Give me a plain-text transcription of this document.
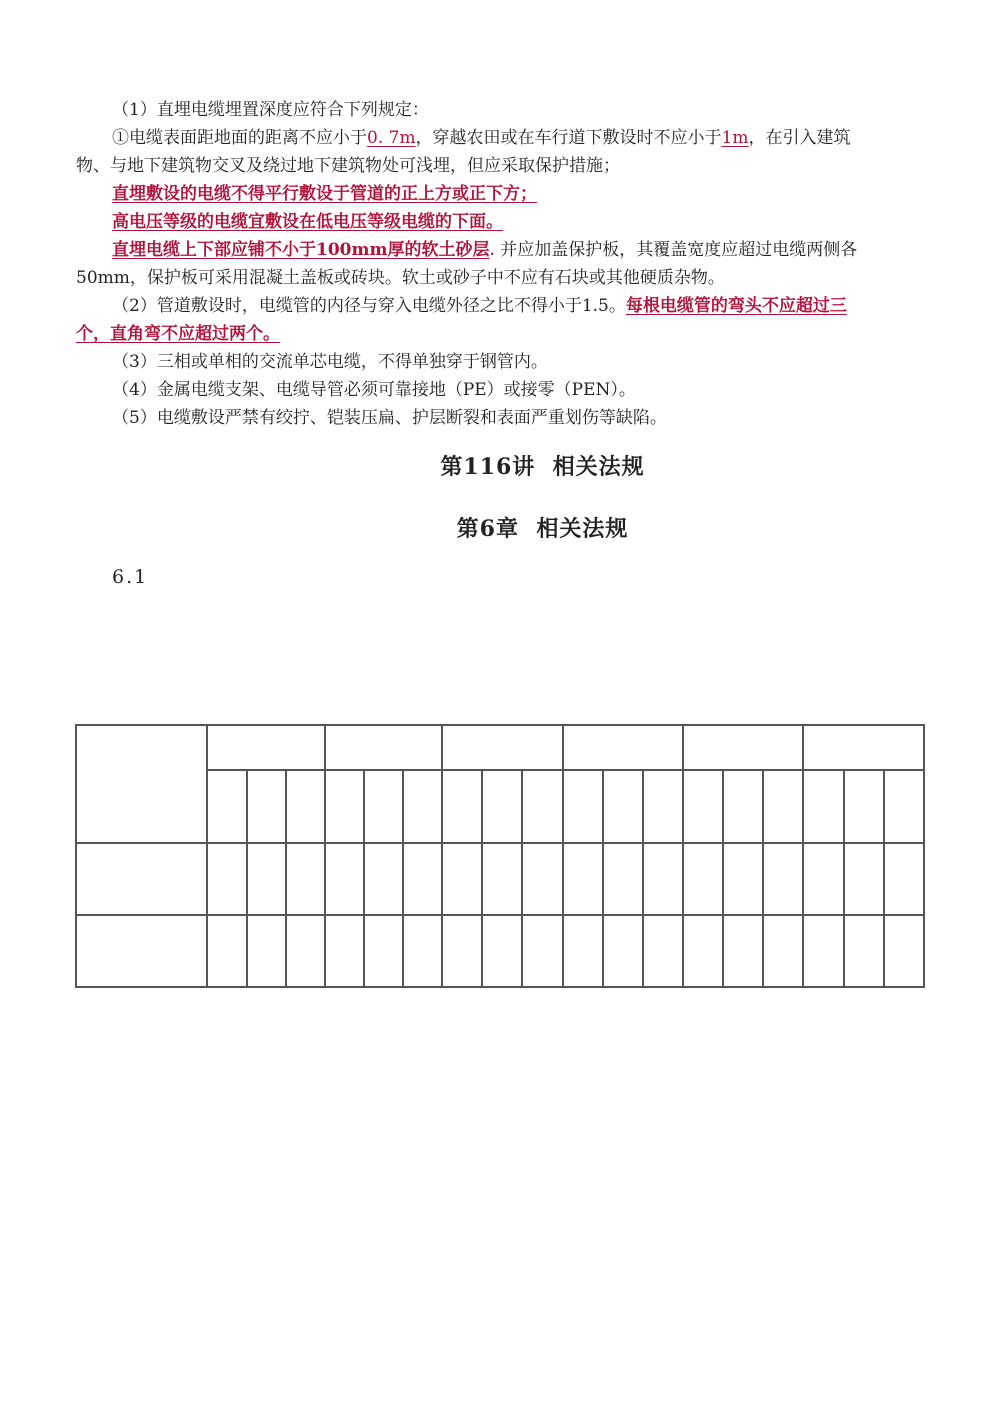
（1）直埋电缆埋置深度应符合下列规定：
①电缆表面距地面的距离不应小于0. 7m，穿越农田或在车行道下敷设时不应小于1m，在引入建筑
物、与地下建筑物交叉及绕过地下建筑物处可浅埋，但应采取保护措施；
直埋敷设的电缆不得平行敷设于管道的正上方或正下方；
高电压等级的电缆宜敷设在低电压等级电缆的下面。
直埋电缆上下部应铺不小于100mm厚的软土砂层. 并应加盖保护板，其覆盖宽度应超过电缆两侧各
50mm，保护板可采用混凝土盖板或砖块。软土或砂子中不应有石块或其他硬质杂物。
（2）管道敷设时，电缆管的内径与穿入电缆外径之比不得小于1.5。每根电缆管的弯头不应超过三
个，直角弯不应超过两个。
（3）三相或单相的交流单芯电缆，不得单独穿于钢管内。
（4）金属电缆支架、电缆导管必须可靠接地（PE）或接零（PEN）。
（5）电缆敷设严禁有绞拧、铠装压扁、护层断裂和表面严重划伤等缺陷。
第116讲 相关法规
第6章 相关法规
6.1
